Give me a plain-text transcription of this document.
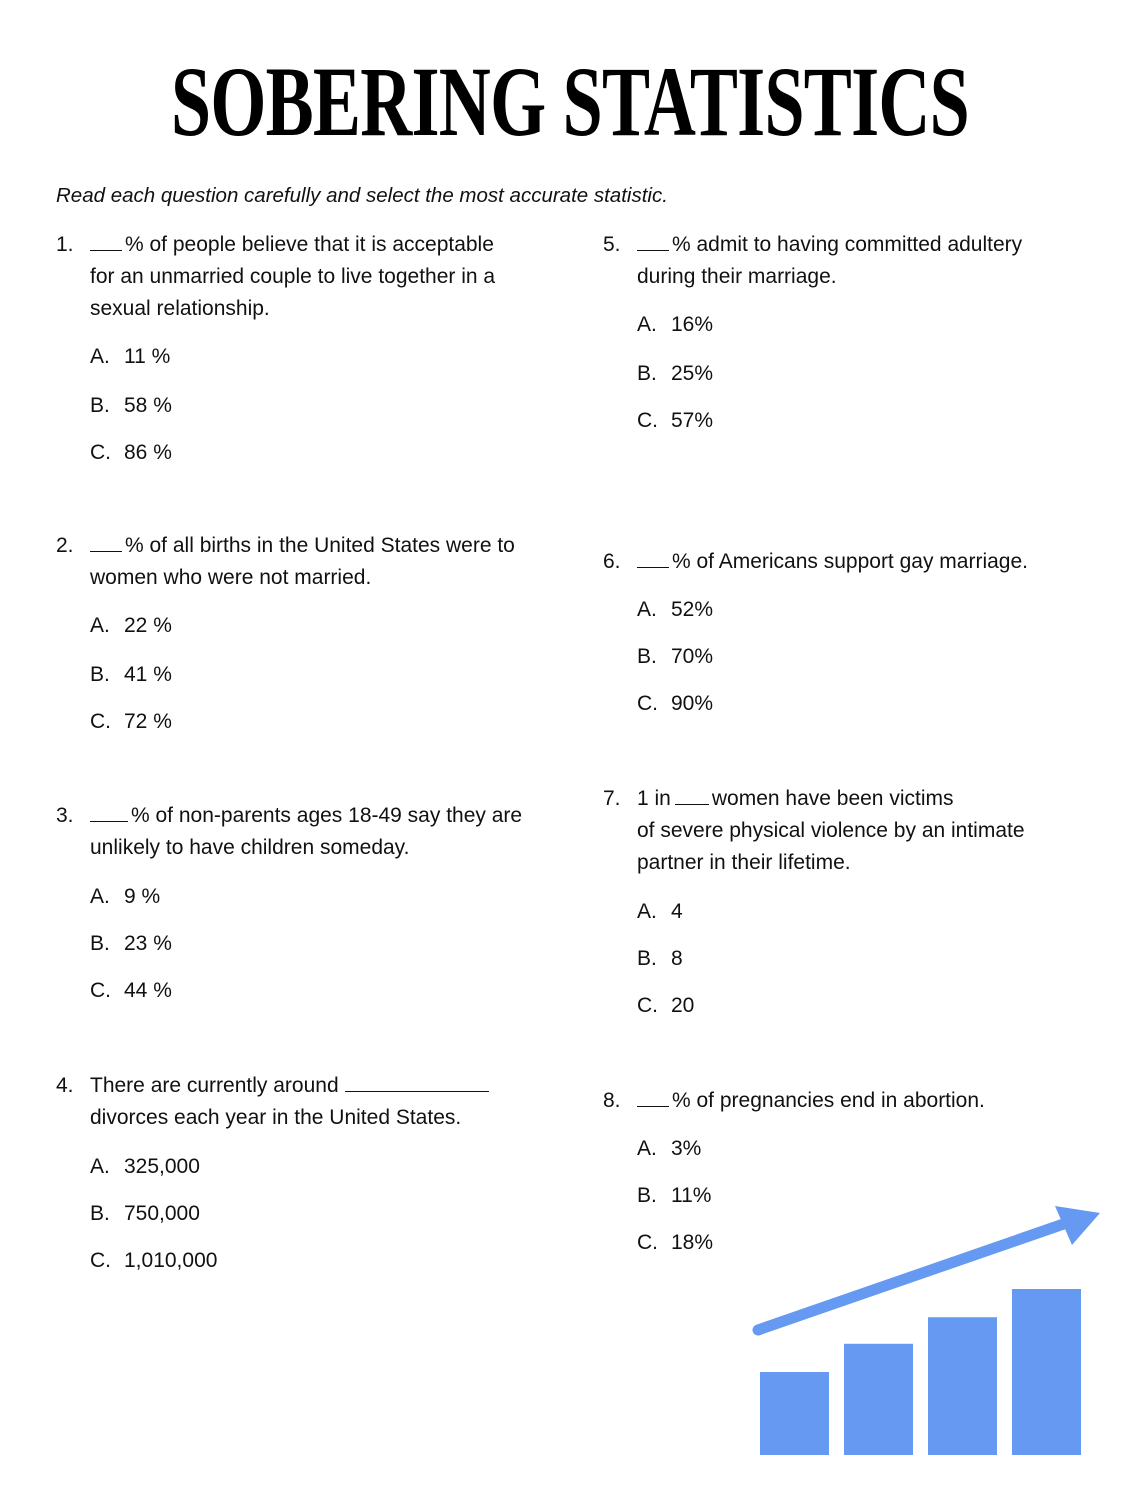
SOBERING STATISTICS
Read each question carefully and select the most accurate statistic.
1.	% of people believe that it is acceptable
for an unmarried couple to live together in a
sexual relationship.
A. 11 %
B. 58 %
C. 86 %
2.	% of all births in the United States were to
women who were not married.
A. 22 %
B. 41 %
C. 72 %
3.	% of non-parents ages 18-49 say they are
unlikely to have children someday.
A. 9 %
B. 23 %
C. 44 %
4. There are currently around
divorces each year in the United States.
A. 325,000
B. 750,000
C. 1,010,000
5.	% admit to having committed adultery
during their marriage.
A. 16%
B. 25%
C. 57%
6.	% of Americans support gay marriage.
A. 52%
B. 70%
C. 90%
7. 1 in women have been victims
of severe physical violence by an intimate
partner in their lifetime.
A. 4
B. 8
C. 20
8.	% of pregnancies end in abortion.
A. 3%
B. 11%
C. 18%
